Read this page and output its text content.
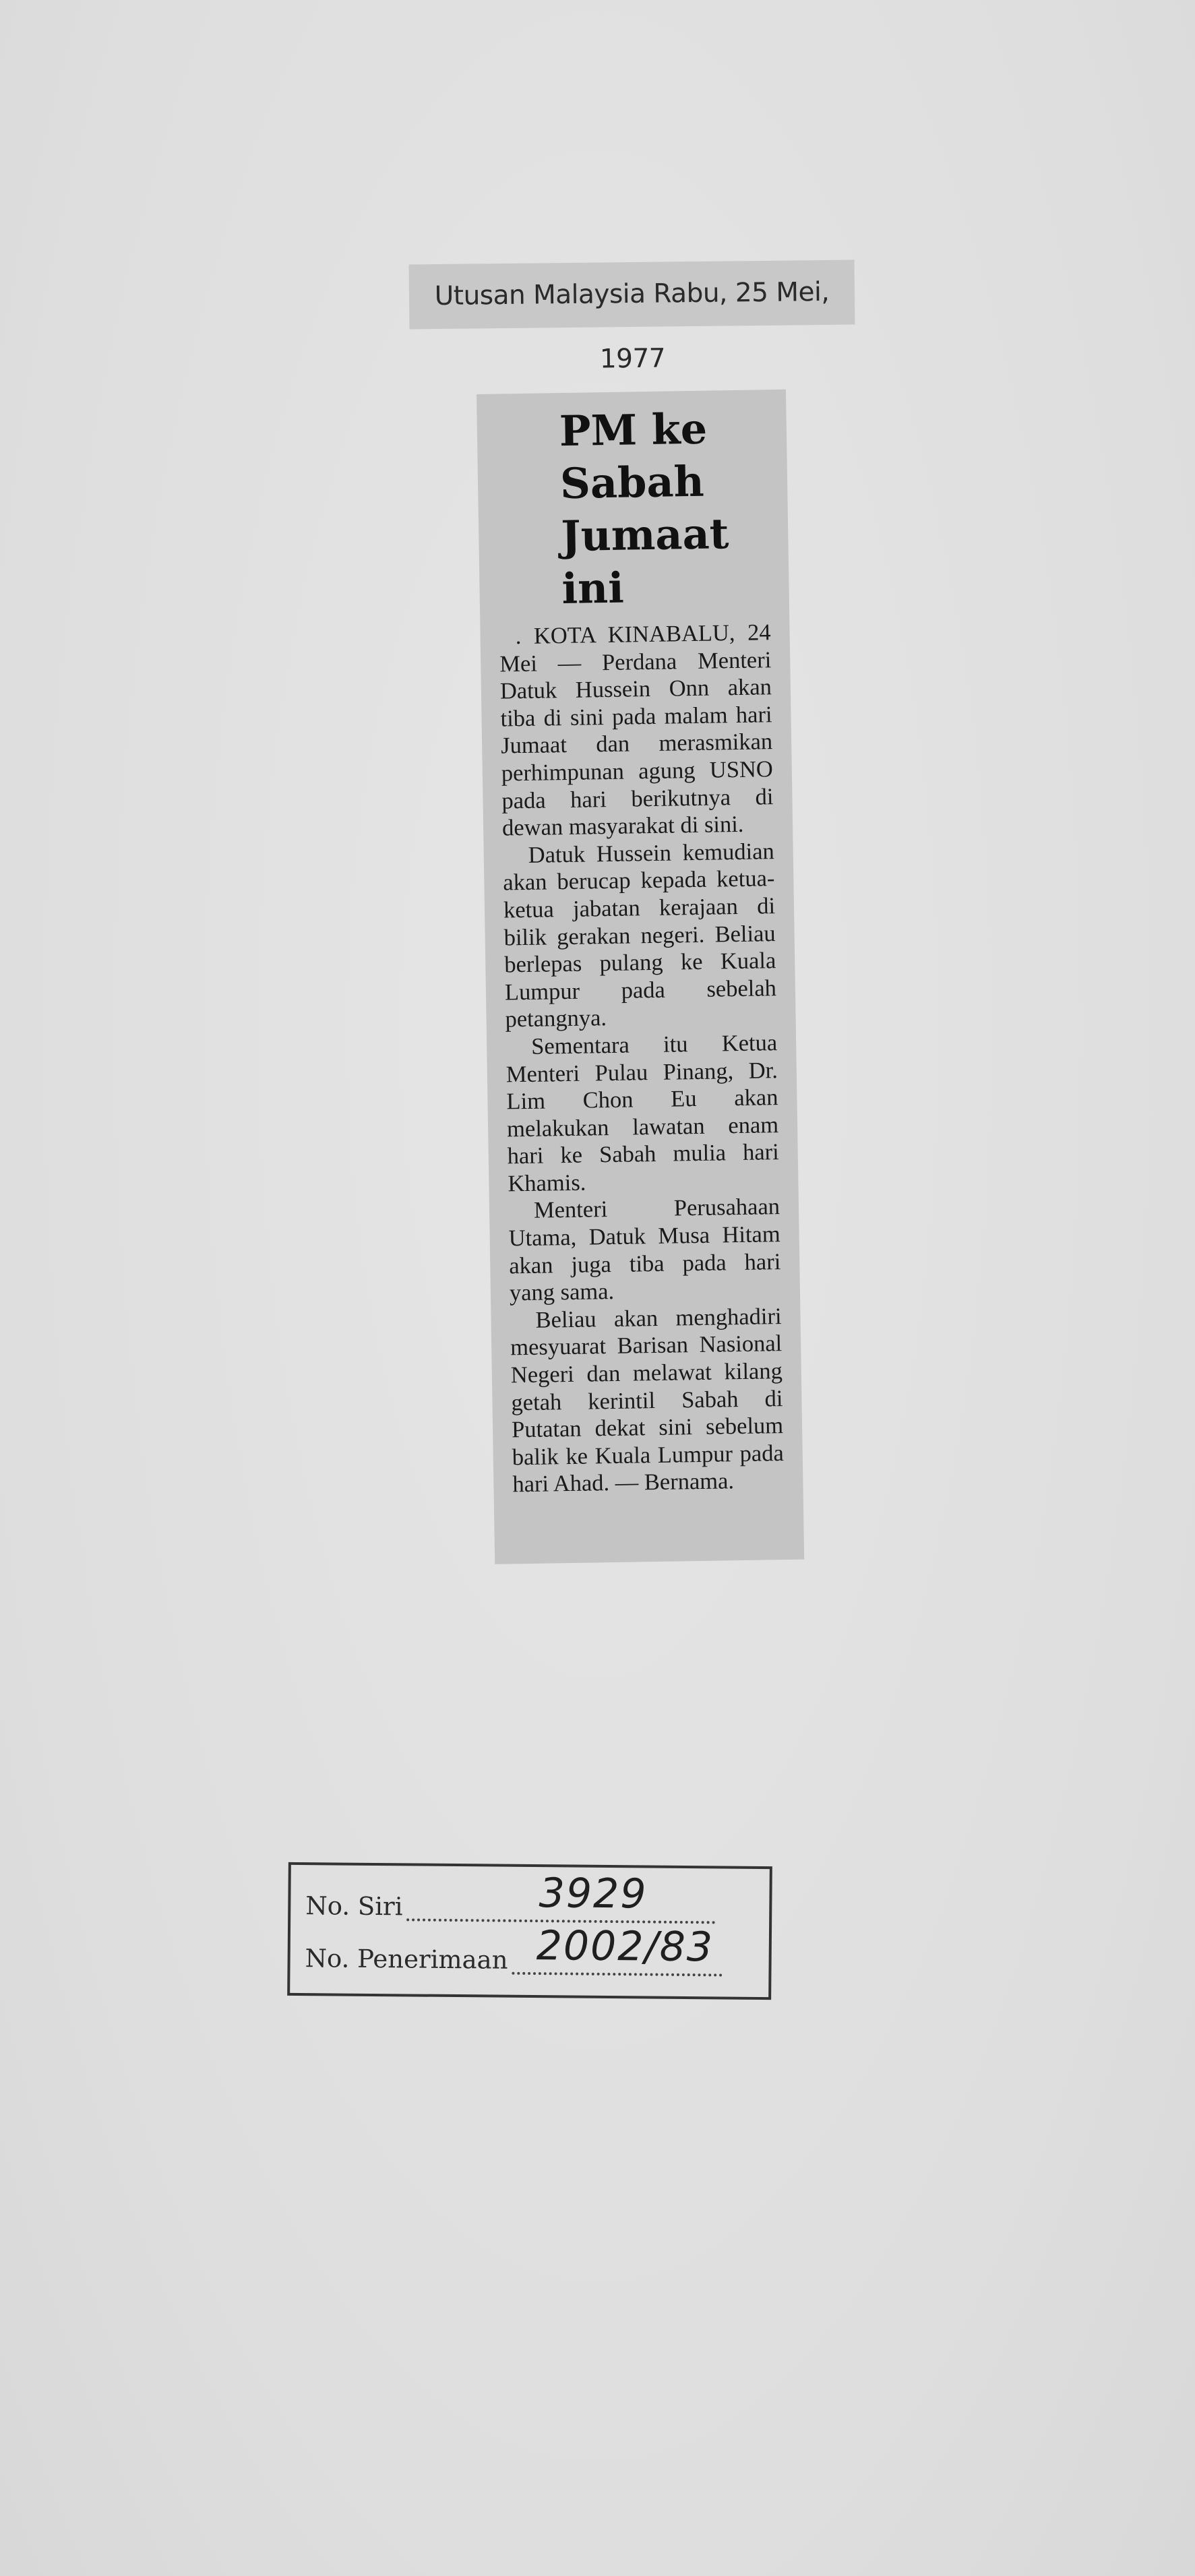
Utusan Malaysia Rabu, 25 Mei, 1977
PM ke
Sabah
Jumaat
ini

. KOTA KINABALU, 24 Mei — Perdana Menteri Datuk Hussein Onn akan tiba di sini pada malam hari Jumaat dan merasmikan perhimpunan agung USNO pada hari berikutnya di dewan masyarakat di sini.

Datuk Hussein kemudian akan berucap kepada ketua-ketua jabatan kerajaan di bilik gerakan negeri. Beliau berlepas pulang ke Kuala Lumpur pada sebelah petangnya.

Sementara itu Ketua Menteri Pulau Pinang, Dr. Lim Chon Eu akan melakukan lawatan enam hari ke Sabah mulia hari Khamis.

Menteri Perusahaan Utama, Datuk Musa Hitam akan juga tiba pada hari yang sama.

Beliau akan menghadiri mesyuarat Barisan Nasional Negeri dan melawat kilang getah kerintil Sabah di Putatan dekat sini sebelum balik ke Kuala Lumpur pada hari Ahad. — Bernama.

No. Siri	3929
No. Penerimaan 2002/83
